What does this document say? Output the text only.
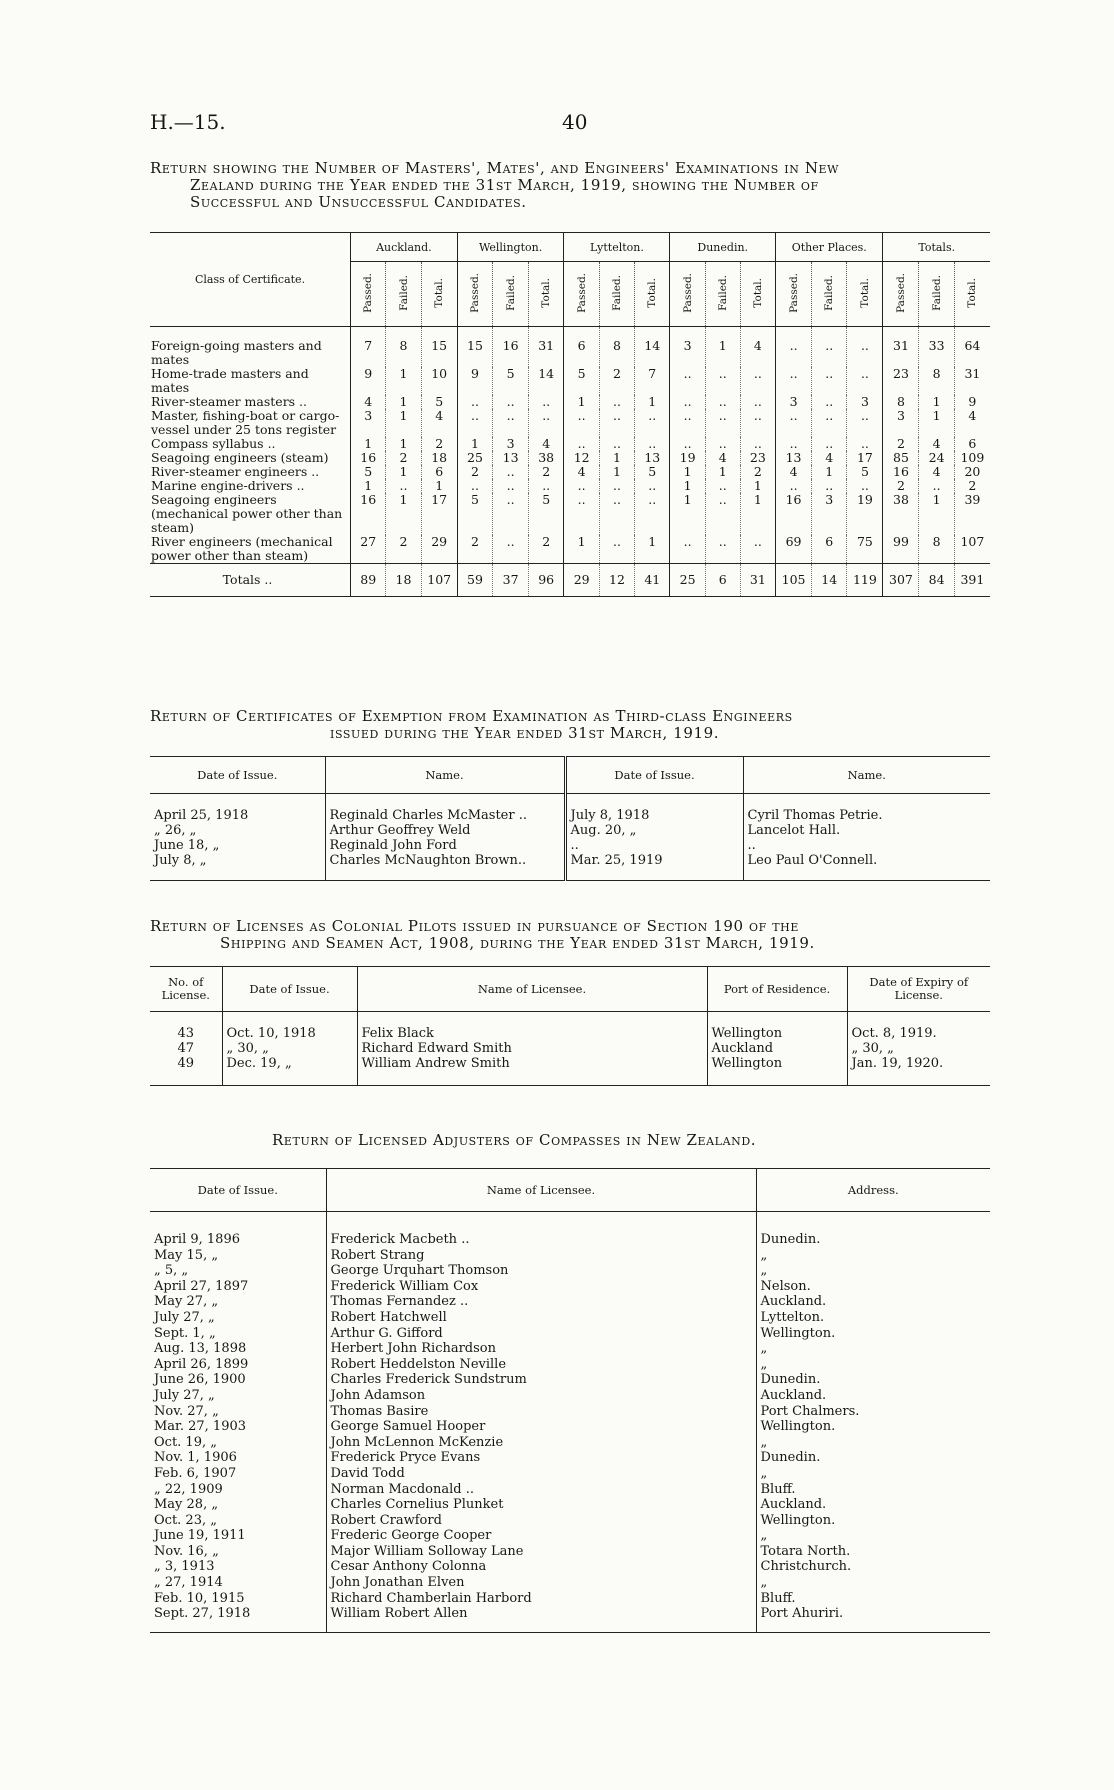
H.—15.	40
Return showing the Number of Masters', Mates', and Engineers' Examinations in New
Zealand during the Year ended the 31st March, 1919, showing the Number of
Successful and Unsuccessful Candidates.
Class of Certificate.	Auckland.			Wellington.			Lyttelton.			Dunedin.			Other Places.			Totals.		
	Passed.	Failed.	Total.	Passed.	Failed.	Total.	Passed.	Failed.	Total.	Passed.	Failed.	Total.	Passed.	Failed.	Total.	Passed.	Failed.	Total.
Foreign-going masters and mates	7	8	15	15	16	31	6	8	14	3	1	4	..	..	..	31	33	64
Home-trade masters and mates	9	1	10	9	5	14	5	2	7	..	..	..	..	..	..	23	8	31
River-steamer masters ..	4	1	5	..	..	..	1	..	1	..	..	..	3	..	3	8	1	9
Master, fishing-boat or cargo-vessel under 25 tons register	3	1	4	..	..	..	..	..	..	..	..	..	..	..	..	3	1	4
Compass syllabus ..	1	1	2	1	3	4	..	..	..	..	..	..	..	..	..	2	4	6
Seagoing engineers (steam)	16	2	18	25	13	38	12	1	13	19	4	23	13	4	17	85	24	109
River-steamer engineers ..	5	1	6	2	..	2	4	1	5	1	1	2	4	1	5	16	4	20
Marine engine-drivers ..	1	..	1	..	..	..	..	..	..	1	..	1	..	..	..	2	..	2
Seagoing engineers (mechanical power other than steam)	16	1	17	5	..	5	..	..	..	1	..	1	16	3	19	38	1	39
River engineers (mechanical power other than steam)	27	2	29	2	..	2	1	..	1	..	..	..	69	6	75	99	8	107
Totals ..	89	18	107	59	37	96	29	12	41	25	6	31	105	14	119	307	84	391
Return of Certificates of Exemption from Examination as Third-class Engineers
issued during the Year ended 31st March, 1919.
Date of Issue.	Name.	Date of Issue.	Name.
April 25, 1918	Reginald Charles McMaster ..	July 8, 1918	Cyril Thomas Petrie.
„ 26, „	Arthur Geoffrey Weld	Aug. 20, „	Lancelot Hall.
June 18, „	Reginald John Ford	..	..
July 8, „	Charles McNaughton Brown..	Mar. 25, 1919	Leo Paul O'Connell.
Return of Licenses as Colonial Pilots issued in pursuance of Section 190 of the
Shipping and Seamen Act, 1908, during the Year ended 31st March, 1919.
No. of License.	Date of Issue.	Name of Licensee.	Port of Residence.	Date of Expiry of License.
43	Oct. 10, 1918	Felix Black	Wellington	Oct. 8, 1919.
47	„ 30, „	Richard Edward Smith	Auckland	„ 30, „
49	Dec. 19, „	William Andrew Smith	Wellington	Jan. 19, 1920.
Return of Licensed Adjusters of Compasses in New Zealand.
Date of Issue.	Name of Licensee.	Address.
April 9, 1896	Frederick Macbeth ..	Dunedin.
May 15, „	Robert Strang	„
„ 5, „	George Urquhart Thomson	„
April 27, 1897	Frederick William Cox	Nelson.
May 27, „	Thomas Fernandez ..	Auckland.
July 27, „	Robert Hatchwell	Lyttelton.
Sept. 1, „	Arthur G. Gifford	Wellington.
Aug. 13, 1898	Herbert John Richardson	„
April 26, 1899	Robert Heddelston Neville	„
June 26, 1900	Charles Frederick Sundstrum	Dunedin.
July 27, „	John Adamson	Auckland.
Nov. 27, „	Thomas Basire	Port Chalmers.
Mar. 27, 1903	George Samuel Hooper	Wellington.
Oct. 19, „	John McLennon McKenzie	„
Nov. 1, 1906	Frederick Pryce Evans	Dunedin.
Feb. 6, 1907	David Todd	„
„ 22, 1909	Norman Macdonald ..	Bluff.
May 28, „	Charles Cornelius Plunket	Auckland.
Oct. 23, „	Robert Crawford	Wellington.
June 19, 1911	Frederic George Cooper	„
Nov. 16, „	Major William Solloway Lane	Totara North.
„ 3, 1913	Cesar Anthony Colonna	Christchurch.
„ 27, 1914	John Jonathan Elven	„
Feb. 10, 1915	Richard Chamberlain Harbord	Bluff.
Sept. 27, 1918	William Robert Allen	Port Ahuriri.
